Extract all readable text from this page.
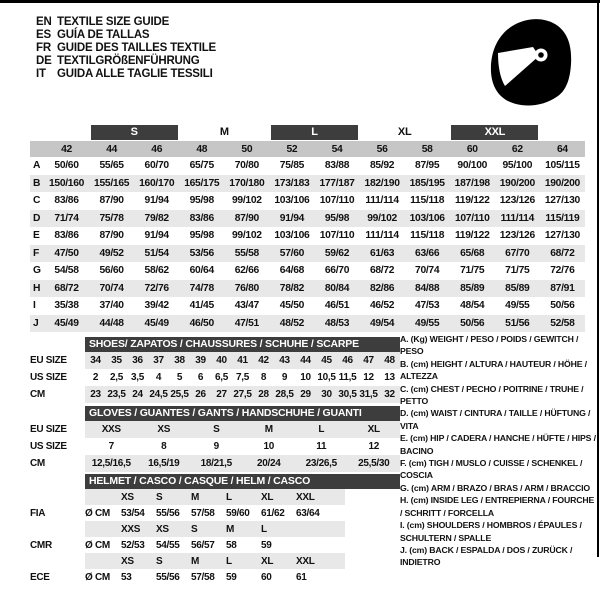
EN TEXTILE SIZE GUIDE
ES GUÍA DE TALLAS
FR GUIDE DES TAILLES TEXTILE
DE TEXTILGRÖßENFÜHRUNG
IT GUIDA ALLE TAGLIE TESSILI
S	M	L	XL	XXL
42	44	46	48	50	52	54	56	58	60	62	64
A	50/60	55/65	60/70	65/75	70/80	75/85	83/88	85/92	87/95	90/100	95/100	105/115
B 150/160 155/165 160/170 165/175 170/180 173/183 177/187 182/190 185/195 187/198 190/200 190/200
C	83/86	87/90	91/94	95/98	99/102	103/106 107/110	111/114	115/118	119/122 123/126 127/130
D	71/74	75/78	79/82	83/86	87/90	91/94	95/98	99/102	103/106 107/110	111/114	115/119
E	83/86	87/90	91/94	95/98	99/102	103/106 107/110	111/114	115/118	119/122 123/126 127/130
F	47/50	49/52	51/54	53/56	55/58	57/60	59/62	61/63	63/66	65/68	67/70	68/72
G	54/58	56/60	58/62	60/64	62/66	64/68	66/70	68/72	70/74	71/75	71/75	72/76
H	68/72	70/74	72/76	74/78	76/80	78/82	80/84	82/86	84/88	85/89	85/89	87/91
I	35/38	37/40	39/42	41/45	43/47	45/50	46/51	46/52	47/53	48/54	49/55	50/56
J	45/49	44/48	45/49	46/50	47/51	48/52	48/53	49/54	49/55	50/56	51/56	52/58
SHOES/ ZAPATOS / CHAUSSURES / SCHUHE / SCARPE
EU SIZE	34	35	36	37	38	39	40	41	42	43	44	45	46	47	48
US SIZE	2	2,5 3,5	4	5	6	6,5 7,5	8	9	10 10,5 11,5 12	13
CM	23 23,5 24 24,5 25,5 26	27 27,5 28 28,5 29	30 30,5 31,5 32
GLOVES / GUANTES / GANTS / HANDSCHUHE / GUANTI
EU SIZE	XXS	XS	S	M	L	XL
US SIZE	7	8	9	10	11	12
CM	12,5/16,5	16,5/19	18/21,5	20/24	23/26,5	25,5/30
HELMET / CASCO / CASQUE / HELM / CASCO
XS	S	M	L	XL	XXL
FIA	Ø CM	53/54	55/56	57/58	59/60	61/62	63/64
XXS	XS	S	M	L
CMR	Ø CM	52/53	54/55	56/57	58	59
XS	S	M	L	XL	XXL
ECE	Ø CM	53	55/56	57/58	59	60	61
A. (Kg) WEIGHT / PESO / POIDS / GEWITCH / PESO
B. (cm) HEIGHT / ALTURA / HAUTEUR / HÖHE / ALTEZZA
C. (cm) CHEST / PECHO / POITRINE / TRUHE / PETTO
D. (cm) WAIST / CINTURA / TAILLE / HÜFTUNG / VITA
E. (cm) HIP / CADERA / HANCHE / HÜFTE / HIPS / BACINO
F. (cm) TIGH / MUSLO / CUISSE / SCHENKEL / COSCIA
G. (cm) ARM / BRAZO / BRAS / ARM / BRACCIO
H. (cm) INSIDE LEG / ENTREPIERNA / FOURCHE / SCHRITT / FORCELLA
I. (cm) SHOULDERS / HOMBROS / ÉPAULES / SCHULTERN / SPALLE
J. (cm) BACK / ESPALDA / DOS / ZURÜCK / INDIETRO
